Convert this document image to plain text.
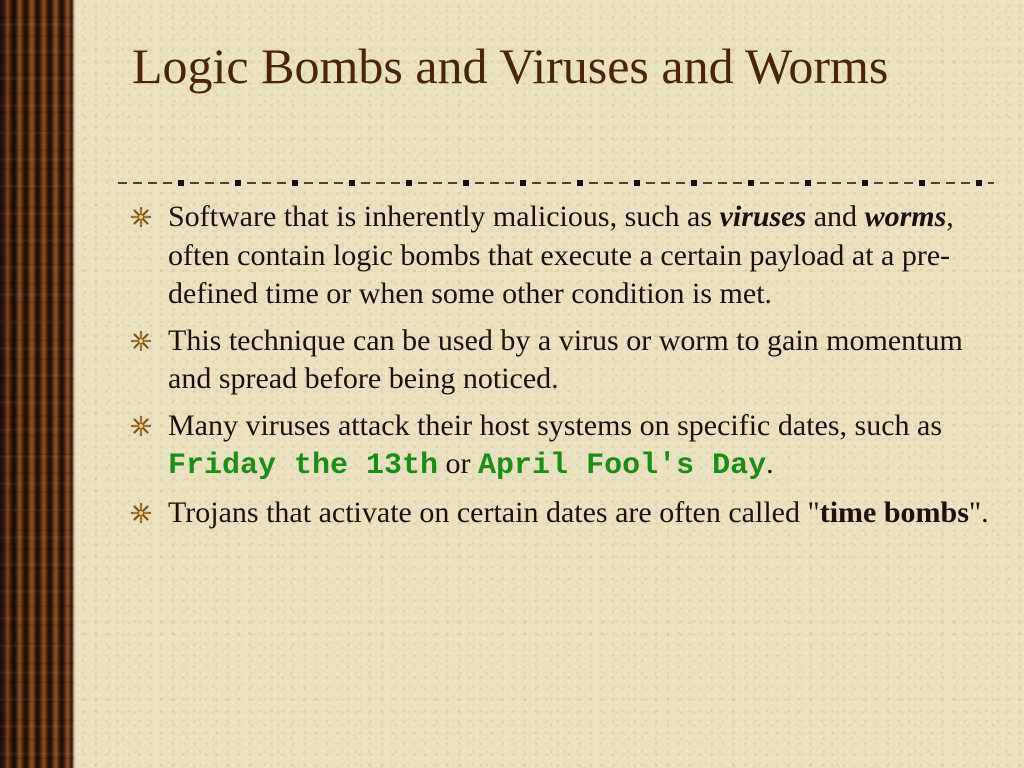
Logic Bombs and Viruses and Worms
Software that is inherently malicious, such as viruses and worms, often contain logic bombs that execute a certain payload at a pre-defined time or when some other condition is met.
This technique can be used by a virus or worm to gain momentum and spread before being noticed.
Many viruses attack their host systems on specific dates, such as Friday the 13th or April Fool's Day.
Trojans that activate on certain dates are often called "time bombs".
